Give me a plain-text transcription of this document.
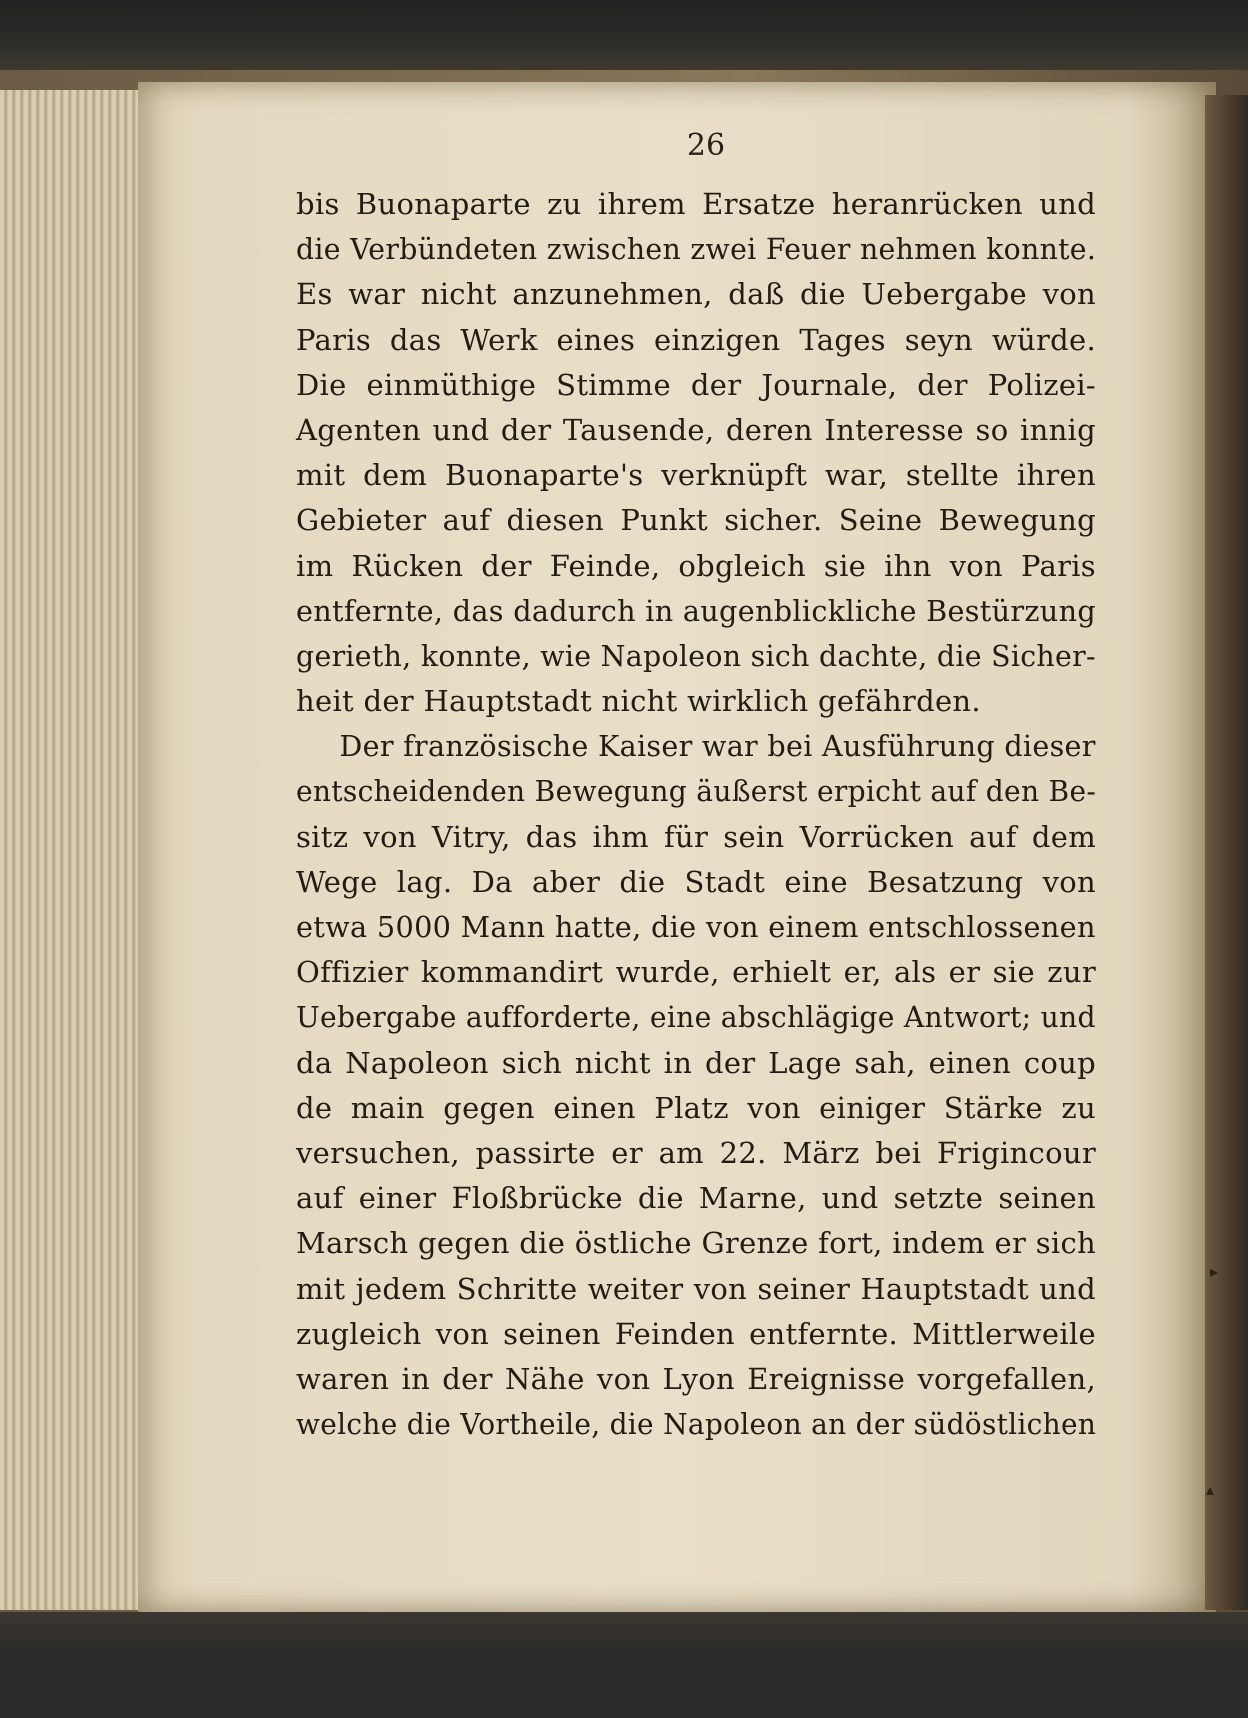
26
bis Buonaparte zu ihrem Ersatze heranrücken und
die Verbündeten zwischen zwei Feuer nehmen konnte.
Es war nicht anzunehmen, daß die Uebergabe von
Paris das Werk eines einzigen Tages seyn würde.
Die einmüthige Stimme der Journale, der Polizei-
Agenten und der Tausende, deren Interesse so innig
mit dem Buonaparte's verknüpft war, stellte ihren
Gebieter auf diesen Punkt sicher. Seine Bewegung
im Rücken der Feinde, obgleich sie ihn von Paris
entfernte, das dadurch in augenblickliche Bestürzung
gerieth, konnte, wie Napoleon sich dachte, die Sicher-
heit der Hauptstadt nicht wirklich gefährden.
Der französische Kaiser war bei Ausführung dieser
entscheidenden Bewegung äußerst erpicht auf den Be-
sitz von Vitry, das ihm für sein Vorrücken auf dem
Wege lag. Da aber die Stadt eine Besatzung von
etwa 5000 Mann hatte, die von einem entschlossenen
Offizier kommandirt wurde, erhielt er, als er sie zur
Uebergabe aufforderte, eine abschlägige Antwort; und
da Napoleon sich nicht in der Lage sah, einen coup
de main gegen einen Platz von einiger Stärke zu
versuchen, passirte er am 22. März bei Frigincour
auf einer Floßbrücke die Marne, und setzte seinen
Marsch gegen die östliche Grenze fort, indem er sich
mit jedem Schritte weiter von seiner Hauptstadt und
zugleich von seinen Feinden entfernte. Mittlerweile
waren in der Nähe von Lyon Ereignisse vorgefallen,
welche die Vortheile, die Napoleon an der südöstlichen
▸
▴
